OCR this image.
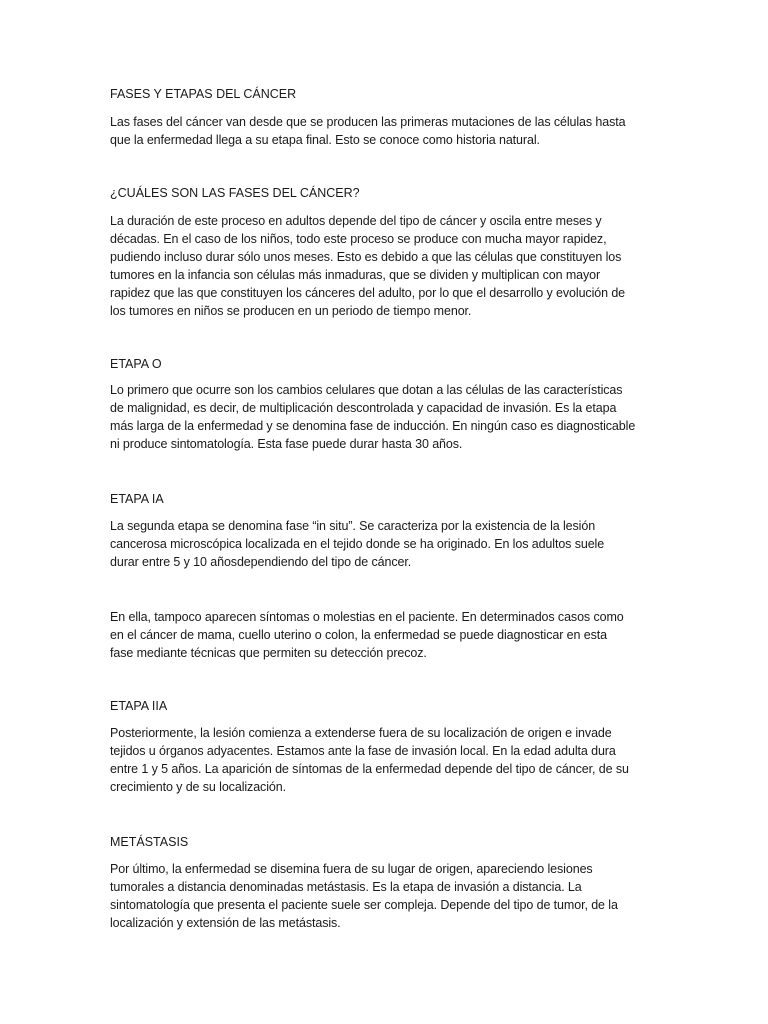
FASES Y ETAPAS DEL CÁNCER

Las fases del cáncer van desde que se producen las primeras mutaciones de las células hasta
que la enfermedad llega a su etapa final. Esto se conoce como historia natural.

¿CUÁLES SON LAS FASES DEL CÁNCER?

La duración de este proceso en adultos depende del tipo de cáncer y oscila entre meses y
décadas. En el caso de los niños, todo este proceso se produce con mucha mayor rapidez,
pudiendo incluso durar sólo unos meses. Esto es debido a que las células que constituyen los
tumores en la infancia son células más inmaduras, que se dividen y multiplican con mayor
rapidez que las que constituyen los cánceres del adulto, por lo que el desarrollo y evolución de
los tumores en niños se producen en un periodo de tiempo menor.

ETAPA O

Lo primero que ocurre son los cambios celulares que dotan a las células de las características
de malignidad, es decir, de multiplicación descontrolada y capacidad de invasión. Es la etapa
más larga de la enfermedad y se denomina fase de inducción. En ningún caso es diagnosticable
ni produce sintomatología. Esta fase puede durar hasta 30 años.

ETAPA IA

La segunda etapa se denomina fase “in situ”. Se caracteriza por la existencia de la lesión
cancerosa microscópica localizada en el tejido donde se ha originado. En los adultos suele
durar entre 5 y 10 añosdependiendo del tipo de cáncer.

En ella, tampoco aparecen síntomas o molestias en el paciente. En determinados casos como
en el cáncer de mama, cuello uterino o colon, la enfermedad se puede diagnosticar en esta
fase mediante técnicas que permiten su detección precoz.

ETAPA IIA

Posteriormente, la lesión comienza a extenderse fuera de su localización de origen e invade
tejidos u órganos adyacentes. Estamos ante la fase de invasión local. En la edad adulta dura
entre 1 y 5 años. La aparición de síntomas de la enfermedad depende del tipo de cáncer, de su
crecimiento y de su localización.

METÁSTASIS

Por último, la enfermedad se disemina fuera de su lugar de origen, apareciendo lesiones
tumorales a distancia denominadas metástasis. Es la etapa de invasión a distancia. La
sintomatología que presenta el paciente suele ser compleja. Depende del tipo de tumor, de la
localización y extensión de las metástasis.
